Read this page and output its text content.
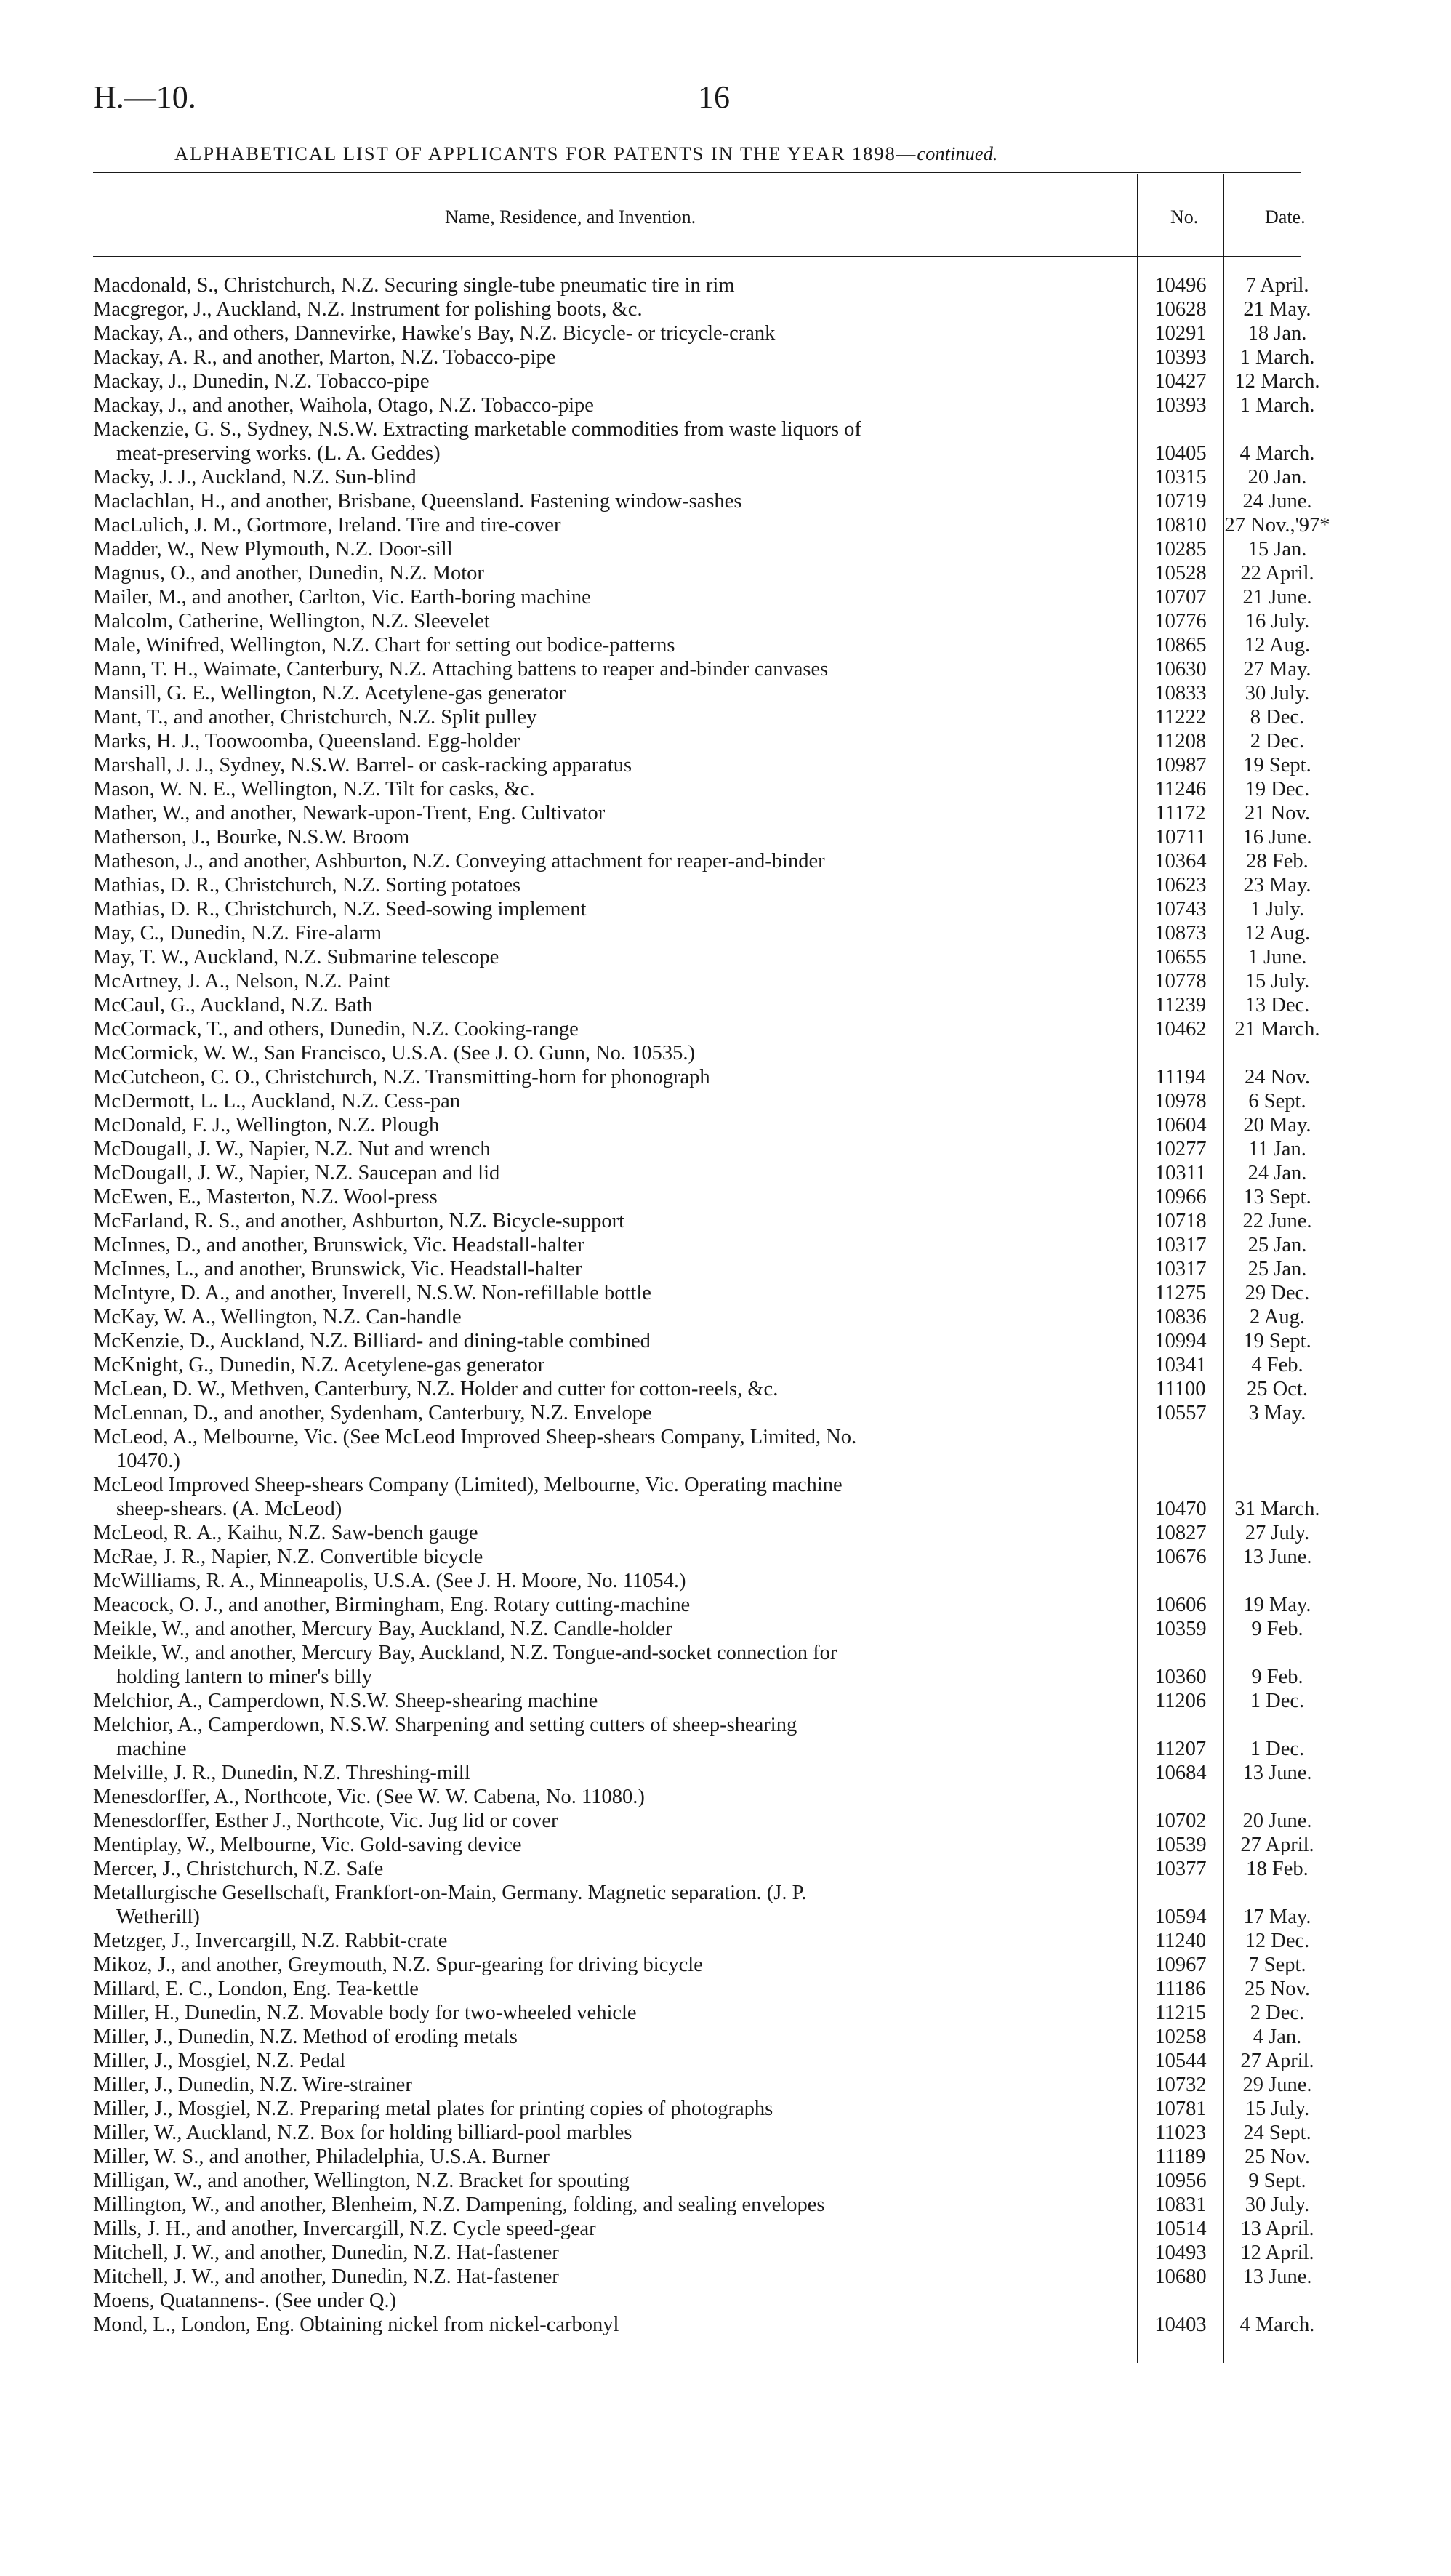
H.—10.	16
ALPHABETICAL LIST OF APPLICANTS FOR PATENTS IN THE YEAR 1898—continued.
Name, Residence, and Invention.	No.	Date.
Macdonald, S., Christchurch, N.Z. Securing single-tube pneumatic tire in rim	10496	7 April.
Macgregor, J., Auckland, N.Z. Instrument for polishing boots, &c.	10628	21 May.
Mackay, A., and others, Dannevirke, Hawke's Bay, N.Z. Bicycle- or tricycle-crank	10291	18 Jan.
Mackay, A. R., and another, Marton, N.Z. Tobacco-pipe	10393	1 March.
Mackay, J., Dunedin, N.Z. Tobacco-pipe	10427	12 March.
Mackay, J., and another, Waihola, Otago, N.Z. Tobacco-pipe	10393	1 March.
Mackenzie, G. S., Sydney, N.S.W. Extracting marketable commodities from waste liquors of
meat-preserving works. (L. A. Geddes)	10405	4 March.
Macky, J. J., Auckland, N.Z. Sun-blind	10315	20 Jan.
Maclachlan, H., and another, Brisbane, Queensland. Fastening window-sashes	10719	24 June.
MacLulich, J. M., Gortmore, Ireland. Tire and tire-cover	10810 27 Nov.,'97*
Madder, W., New Plymouth, N.Z. Door-sill	10285	15 Jan.
Magnus, O., and another, Dunedin, N.Z. Motor	10528	22 April.
Mailer, M., and another, Carlton, Vic. Earth-boring machine	10707	21 June.
Malcolm, Catherine, Wellington, N.Z. Sleevelet	10776	16 July.
Male, Winifred, Wellington, N.Z. Chart for setting out bodice-patterns	10865	12 Aug.
Mann, T. H., Waimate, Canterbury, N.Z. Attaching battens to reaper and-binder canvases	10630	27 May.
Mansill, G. E., Wellington, N.Z. Acetylene-gas generator	10833	30 July.
Mant, T., and another, Christchurch, N.Z. Split pulley	11222	8 Dec.
Marks, H. J., Toowoomba, Queensland. Egg-holder	11208	2 Dec.
Marshall, J. J., Sydney, N.S.W. Barrel- or cask-racking apparatus	10987	19 Sept.
Mason, W. N. E., Wellington, N.Z. Tilt for casks, &c.	11246	19 Dec.
Mather, W., and another, Newark-upon-Trent, Eng. Cultivator	11172	21 Nov.
Matherson, J., Bourke, N.S.W. Broom	10711	16 June.
Matheson, J., and another, Ashburton, N.Z. Conveying attachment for reaper-and-binder	10364	28 Feb.
Mathias, D. R., Christchurch, N.Z. Sorting potatoes	10623	23 May.
Mathias, D. R., Christchurch, N.Z. Seed-sowing implement	10743	1 July.
May, C., Dunedin, N.Z. Fire-alarm	10873	12 Aug.
May, T. W., Auckland, N.Z. Submarine telescope	10655	1 June.
McArtney, J. A., Nelson, N.Z. Paint	10778	15 July.
McCaul, G., Auckland, N.Z. Bath	11239	13 Dec.
McCormack, T., and others, Dunedin, N.Z. Cooking-range	10462	21 March.
McCormick, W. W., San Francisco, U.S.A. (See J. O. Gunn, No. 10535.)
McCutcheon, C. O., Christchurch, N.Z. Transmitting-horn for phonograph	11194	24 Nov.
McDermott, L. L., Auckland, N.Z. Cess-pan	10978	6 Sept.
McDonald, F. J., Wellington, N.Z. Plough	10604	20 May.
McDougall, J. W., Napier, N.Z. Nut and wrench	10277	11 Jan.
McDougall, J. W., Napier, N.Z. Saucepan and lid	10311	24 Jan.
McEwen, E., Masterton, N.Z. Wool-press	10966	13 Sept.
McFarland, R. S., and another, Ashburton, N.Z. Bicycle-support	10718	22 June.
McInnes, D., and another, Brunswick, Vic. Headstall-halter	10317	25 Jan.
McInnes, L., and another, Brunswick, Vic. Headstall-halter	10317	25 Jan.
McIntyre, D. A., and another, Inverell, N.S.W. Non-refillable bottle	11275	29 Dec.
McKay, W. A., Wellington, N.Z. Can-handle	10836	2 Aug.
McKenzie, D., Auckland, N.Z. Billiard- and dining-table combined	10994	19 Sept.
McKnight, G., Dunedin, N.Z. Acetylene-gas generator	10341	4 Feb.
McLean, D. W., Methven, Canterbury, N.Z. Holder and cutter for cotton-reels, &c.	11100	25 Oct.
McLennan, D., and another, Sydenham, Canterbury, N.Z. Envelope	10557	3 May.
McLeod, A., Melbourne, Vic. (See McLeod Improved Sheep-shears Company, Limited, No.
10470.)
McLeod Improved Sheep-shears Company (Limited), Melbourne, Vic. Operating machine
sheep-shears. (A. McLeod)	10470	31 March.
McLeod, R. A., Kaihu, N.Z. Saw-bench gauge	10827	27 July.
McRae, J. R., Napier, N.Z. Convertible bicycle	10676	13 June.
McWilliams, R. A., Minneapolis, U.S.A. (See J. H. Moore, No. 11054.)
Meacock, O. J., and another, Birmingham, Eng. Rotary cutting-machine	10606	19 May.
Meikle, W., and another, Mercury Bay, Auckland, N.Z. Candle-holder	10359	9 Feb.
Meikle, W., and another, Mercury Bay, Auckland, N.Z. Tongue-and-socket connection for
holding lantern to miner's billy	10360	9 Feb.
Melchior, A., Camperdown, N.S.W. Sheep-shearing machine	11206	1 Dec.
Melchior, A., Camperdown, N.S.W. Sharpening and setting cutters of sheep-shearing
machine	11207	1 Dec.
Melville, J. R., Dunedin, N.Z. Threshing-mill	10684	13 June.
Menesdorffer, A., Northcote, Vic. (See W. W. Cabena, No. 11080.)
Menesdorffer, Esther J., Northcote, Vic. Jug lid or cover	10702	20 June.
Mentiplay, W., Melbourne, Vic. Gold-saving device	10539	27 April.
Mercer, J., Christchurch, N.Z. Safe	10377	18 Feb.
Metallurgische Gesellschaft, Frankfort-on-Main, Germany. Magnetic separation. (J. P.
Wetherill)	10594	17 May.
Metzger, J., Invercargill, N.Z. Rabbit-crate	11240	12 Dec.
Mikoz, J., and another, Greymouth, N.Z. Spur-gearing for driving bicycle	10967	7 Sept.
Millard, E. C., London, Eng. Tea-kettle	11186	25 Nov.
Miller, H., Dunedin, N.Z. Movable body for two-wheeled vehicle	11215	2 Dec.
Miller, J., Dunedin, N.Z. Method of eroding metals	10258	4 Jan.
Miller, J., Mosgiel, N.Z. Pedal	10544	27 April.
Miller, J., Dunedin, N.Z. Wire-strainer	10732	29 June.
Miller, J., Mosgiel, N.Z. Preparing metal plates for printing copies of photographs	10781	15 July.
Miller, W., Auckland, N.Z. Box for holding billiard-pool marbles	11023	24 Sept.
Miller, W. S., and another, Philadelphia, U.S.A. Burner	11189	25 Nov.
Milligan, W., and another, Wellington, N.Z. Bracket for spouting	10956	9 Sept.
Millington, W., and another, Blenheim, N.Z. Dampening, folding, and sealing envelopes	10831	30 July.
Mills, J. H., and another, Invercargill, N.Z. Cycle speed-gear	10514	13 April.
Mitchell, J. W., and another, Dunedin, N.Z. Hat-fastener	10493	12 April.
Mitchell, J. W., and another, Dunedin, N.Z. Hat-fastener	10680	13 June.
Moens, Quatannens-. (See under Q.)
Mond, L., London, Eng. Obtaining nickel from nickel-carbonyl	10403	4 March.
